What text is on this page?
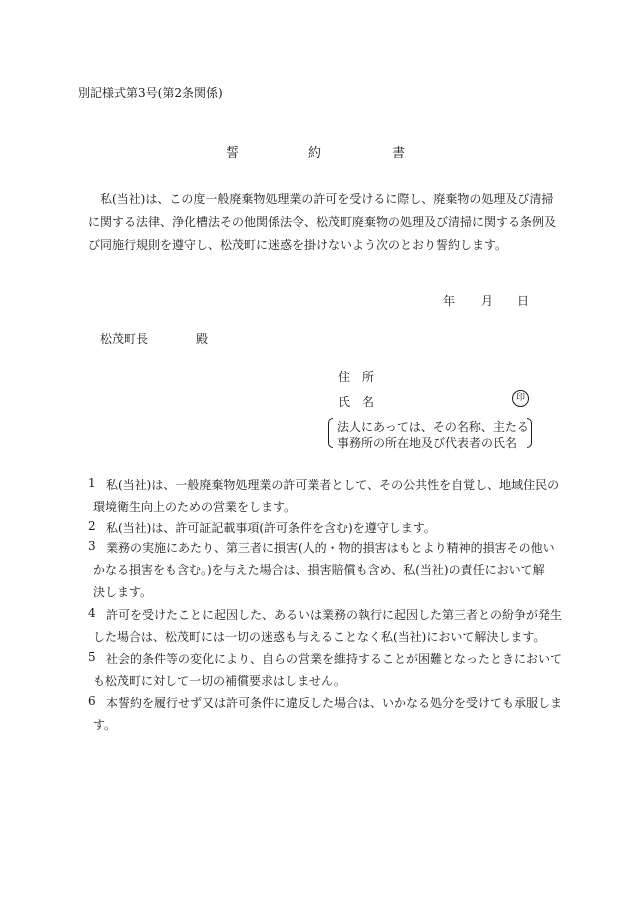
別記様式第3号(第2条関係)
誓	約	書
私(当社)は、この度一般廃棄物処理業の許可を受けるに際し、廃棄物の処理及び清掃
に関する法律、浄化槽法その他関係法令、松茂町廃棄物の処理及び清掃に関する条例及
び同施行規則を遵守し、松茂町に迷惑を掛けないよう次のとおり誓約します。
年 月 日
松茂町長	殿
住　所
氏　名	印
法人にあっては、その名称、主たる
事務所の所在地及び代表者の氏名
1 私(当社)は、一般廃棄物処理業の許可業者として、その公共性を自覚し、地域住民の
環境衛生向上のための営業をします。
2 私(当社)は、許可証記載事項(許可条件を含む)を遵守します。
3 業務の実施にあたり、第三者に損害(人的・物的損害はもとより精神的損害その他い
かなる損害をも含む。)を与えた場合は、損害賠償も含め、私(当社)の責任において解
決します。
4 許可を受けたことに起因した、あるいは業務の執行に起因した第三者との紛争が発生
した場合は、松茂町には一切の迷惑も与えることなく私(当社)において解決します。
5 社会的条件等の変化により、自らの営業を維持することが困難となったときにおいて
も松茂町に対して一切の補償要求はしません。
6 本誓約を履行せず又は許可条件に違反した場合は、いかなる処分を受けても承服しま
す。
